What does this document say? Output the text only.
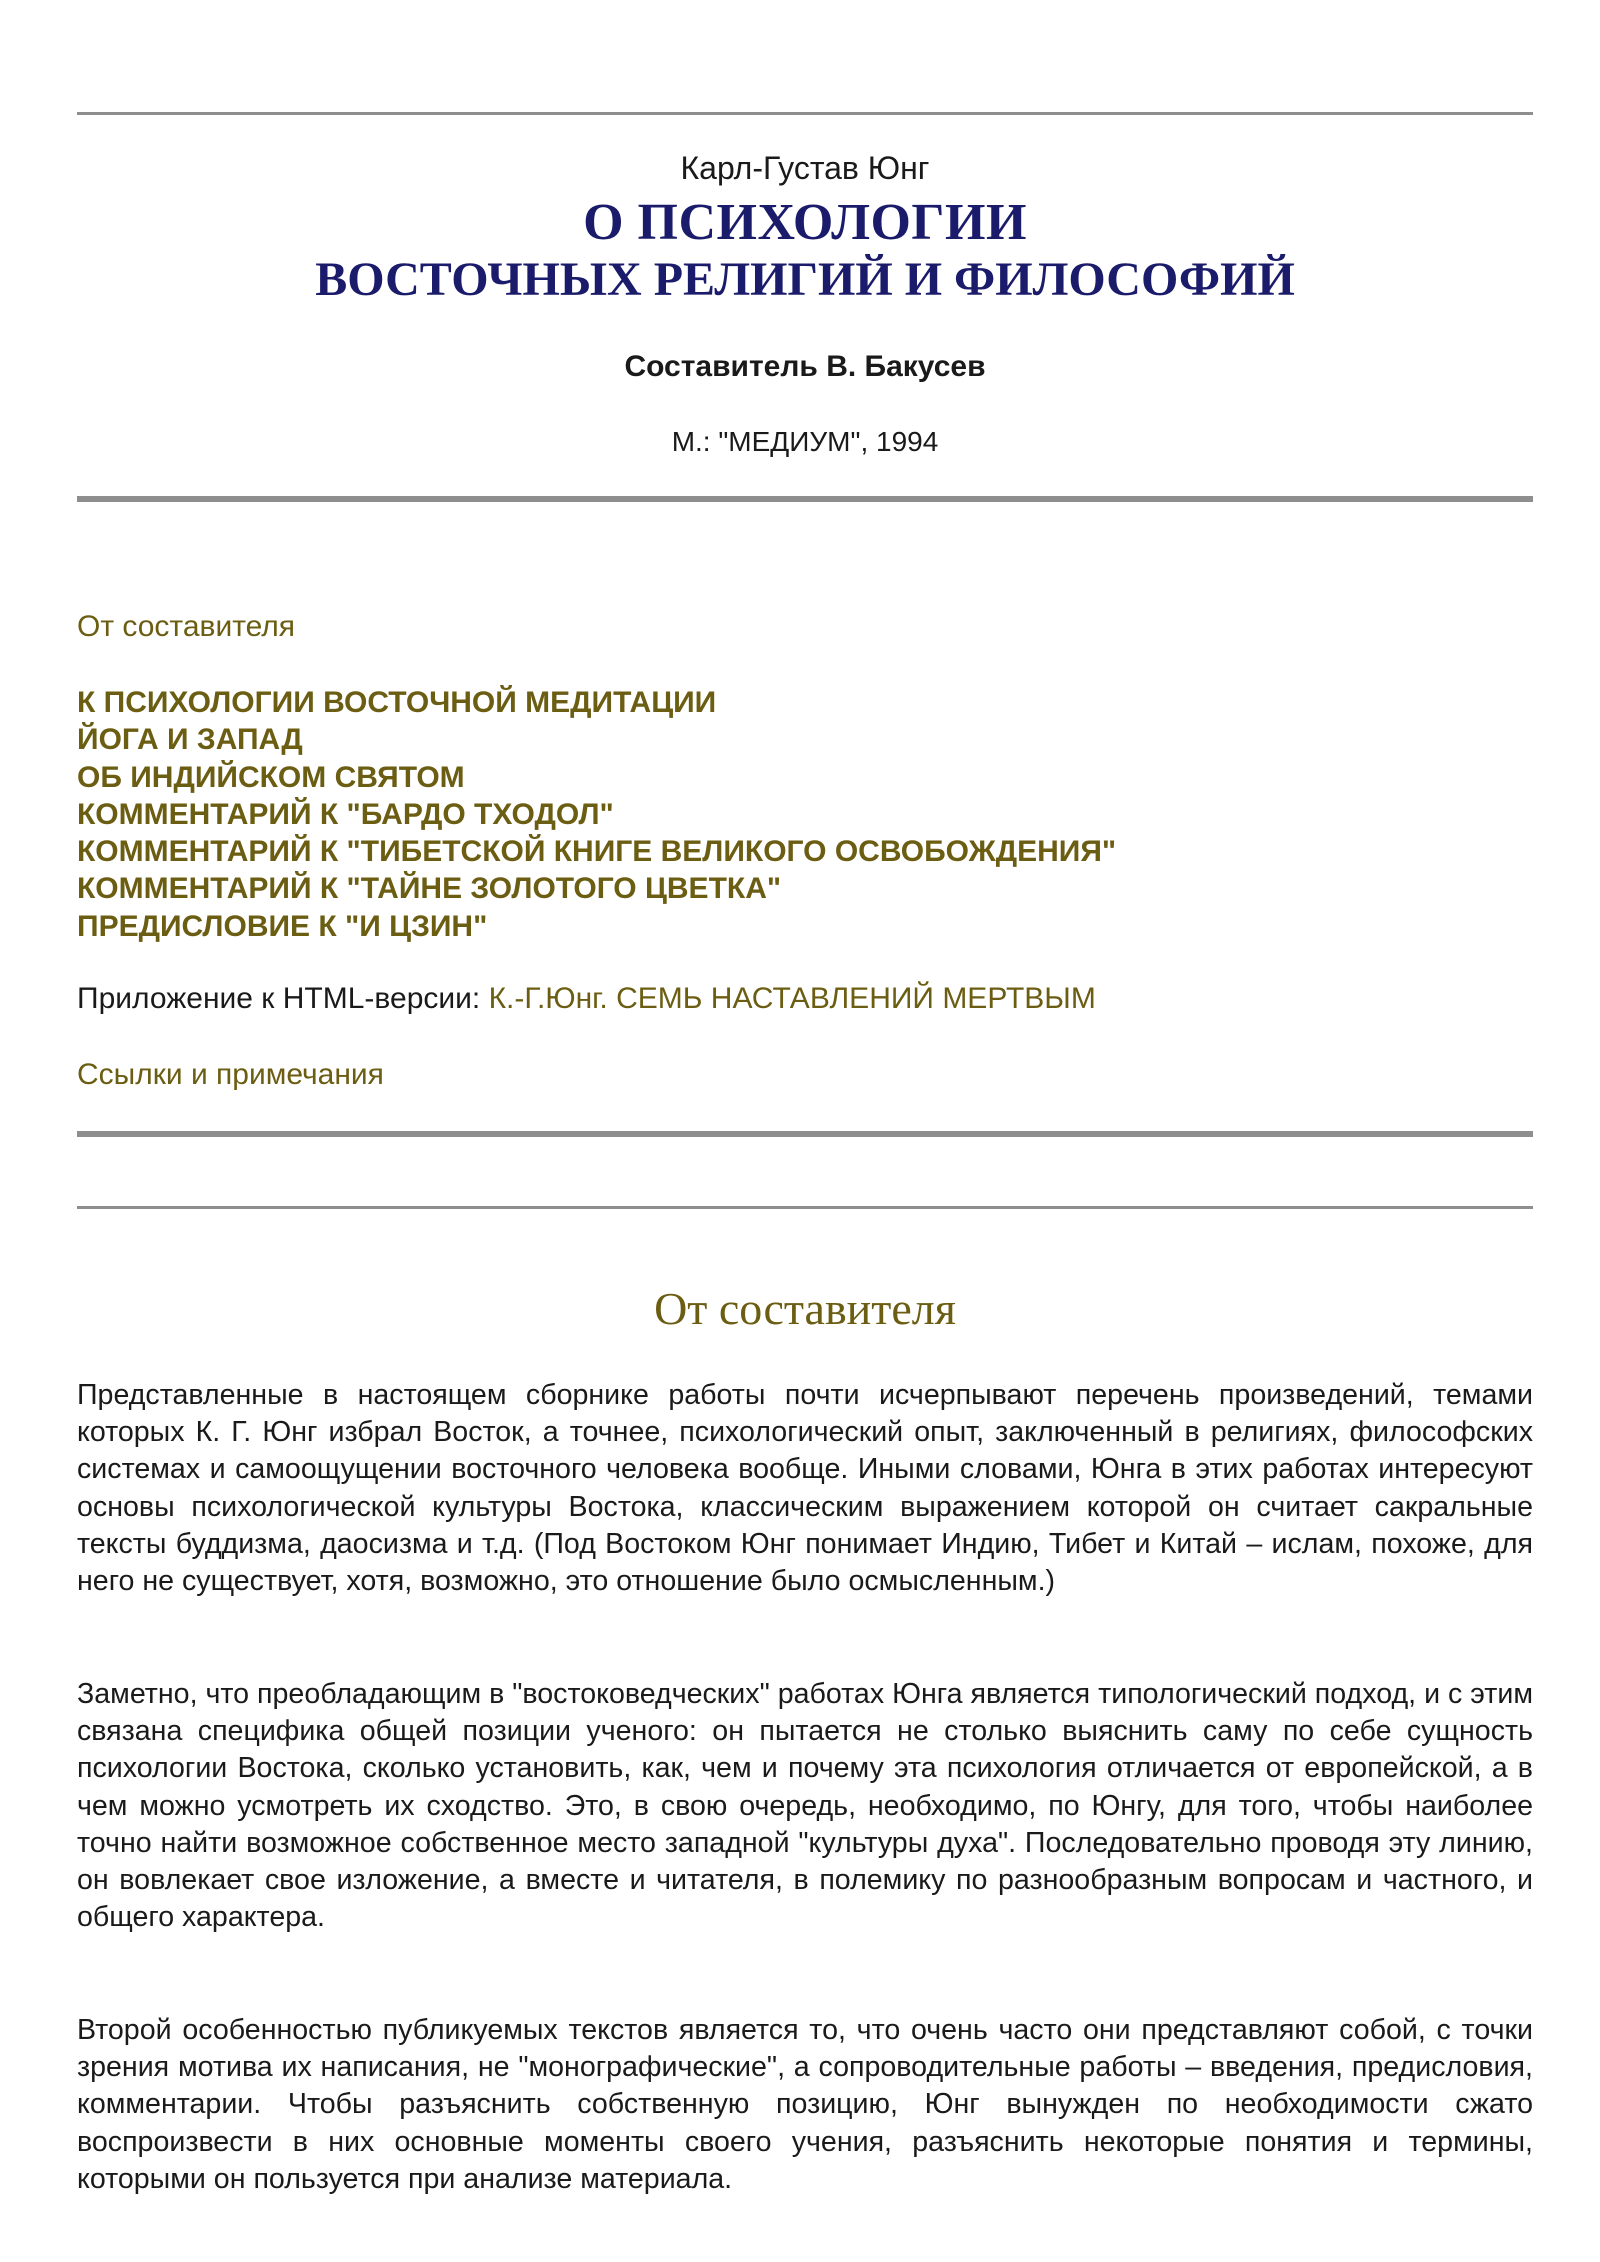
Карл-Густав Юнг
О ПСИХОЛОГИИ
ВОСТОЧНЫХ РЕЛИГИЙ И ФИЛОСОФИЙ
Составитель В. Бакусев
М.: "МЕДИУМ", 1994
От составителя
К ПСИХОЛОГИИ ВОСТОЧНОЙ МЕДИТАЦИИ
ЙОГА И ЗАПАД
ОБ ИНДИЙСКОМ СВЯТОМ
КОММЕНТАРИЙ К "БАРДО ТХОДОЛ"
КОММЕНТАРИЙ К "ТИБЕТСКОЙ КНИГЕ ВЕЛИКОГО ОСВОБОЖДЕНИЯ"
КОММЕНТАРИЙ К "ТАЙНЕ ЗОЛОТОГО ЦВЕТКА"
ПРЕДИСЛОВИЕ К "И ЦЗИН"
Приложение к HTML-версии: К.-Г.Юнг. СЕМЬ НАСТАВЛЕНИЙ МЕРТВЫМ
Ссылки и примечания
От составителя

Представленные в настоящем сборнике работы почти исчерпывают перечень произведений, темами которых К. Г. Юнг избрал Восток, а точнее, психологический опыт, заключенный в религиях, философских системах и самоощущении восточного человека вообще. Иными словами, Юнга в этих работах интересуют основы психологической культуры Востока, классическим выражением которой он считает сакральные тексты буддизма, даосизма и т.д. (Под Востоком Юнг понимает Индию, Тибет и Китай – ислам, похоже, для него не существует, хотя, возможно, это отношение было осмысленным.)

Заметно, что преобладающим в "востоковедческих" работах Юнга является типологический подход, и с этим связана специфика общей позиции ученого: он пытается не столько выяснить саму по себе сущность психологии Востока, сколько установить, как, чем и почему эта психология отличается от европейской, а в чем можно усмотреть их сходство. Это, в свою очередь, необходимо, по Юнгу, для того, чтобы наиболее точно найти возможное собственное место западной "культуры духа". Последовательно проводя эту линию, он вовлекает свое изложение, а вместе и читателя, в полемику по разнообразным вопросам и частного, и общего характера.

Второй особенностью публикуемых текстов является то, что очень часто они представляют собой, с точки зрения мотива их написания, не "монографические", а сопроводительные работы – введения, предисловия, комментарии. Чтобы разъяснить собственную позицию, Юнг вынужден по необходимости сжато воспроизвести в них основные моменты своего учения, разъяснить некоторые понятия и термины, которыми он пользуется при анализе материала.
